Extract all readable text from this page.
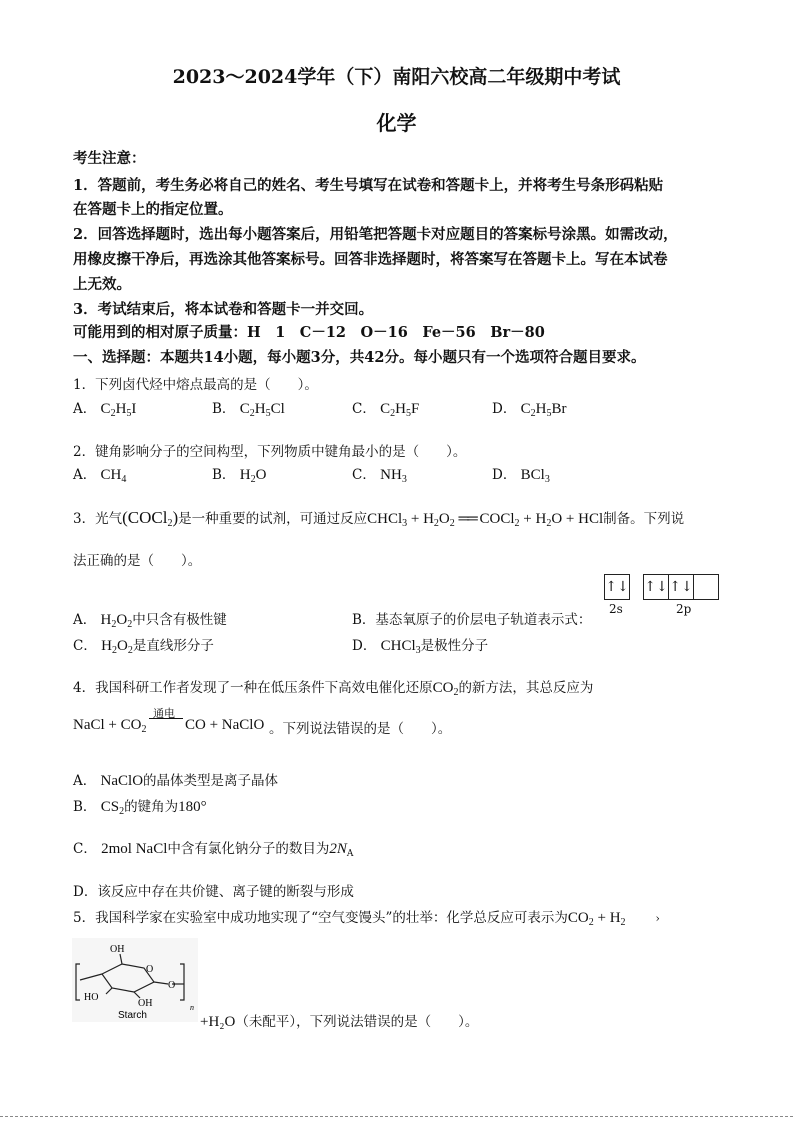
2023～2024学年（下）南阳六校高二年级期中考试
化学
考生注意：
1．答题前，考生务必将自己的姓名、考生号填写在试卷和答题卡上，并将考生号条形码粘贴
在答题卡上的指定位置。
2．回答选择题时，选出每小题答案后，用铅笔把答题卡对应题目的答案标号涂黑。如需改动，
用橡皮擦干净后，再选涂其他答案标号。回答非选择题时，将答案写在答题卡上。写在本试卷
上无效。
3．考试结束后，将本试卷和答题卡一并交回。
可能用到的相对原子质量：H　1　C－12　O－16　Fe－56　Br－80
一、选择题：本题共14小题，每小题3分，共42分。每小题只有一个选项符合题目要求。
1．下列卤代烃中熔点最高的是（　　）。
A． $C_2H_5I$	B． $C_2H_5Cl$	C． $C_2H_5F$	D． $C_2H_5Br$
2．键角影响分子的空间构型，下列物质中键角最小的是（　　）。
A． $CH_4$	B． $H_2O$	C． $NH_3$	D． BCl$_3$
3．光气(COCl$_2$)是一种重要的试剂，可通过反应CHCl$_3$ + $H_2O_2$ ══ COCl$_2$ + $H_2O$ + HCl制备。下列说
法正确的是（　　）。
↑↓ ↑↓ ↑↓
2s	2p
A． $H_2O_2$中只含有极性键	B．基态氧原子的价层电子轨道表示式：
C． $H_2O_2$是直线形分子	D． CHCl$_3$是极性分子
4．我国科研工作者发现了一种在低压条件下高效电催化还原$CO_2$的新方法，其总反应为
NaCl + $CO_2$
通电
CO + NaClO 。下列说法错误的是（　　）。
A． NaClO的晶体类型是离子晶体
B． $CS_2$的键角为180°
C． 2mol NaCl中含有氯化钠分子的数目为$2N_A$
D．该反应中存在共价键、离子键的断裂与形成
5．我国科学家在实验室中成功地实现了“空气变馒头”的壮举：化学总反应可表示为$CO_2 + H_2$	›
OH
O
HO
OH
O
n
Starch	+H₂O（未配平），下列说法错误的是（　　）。
